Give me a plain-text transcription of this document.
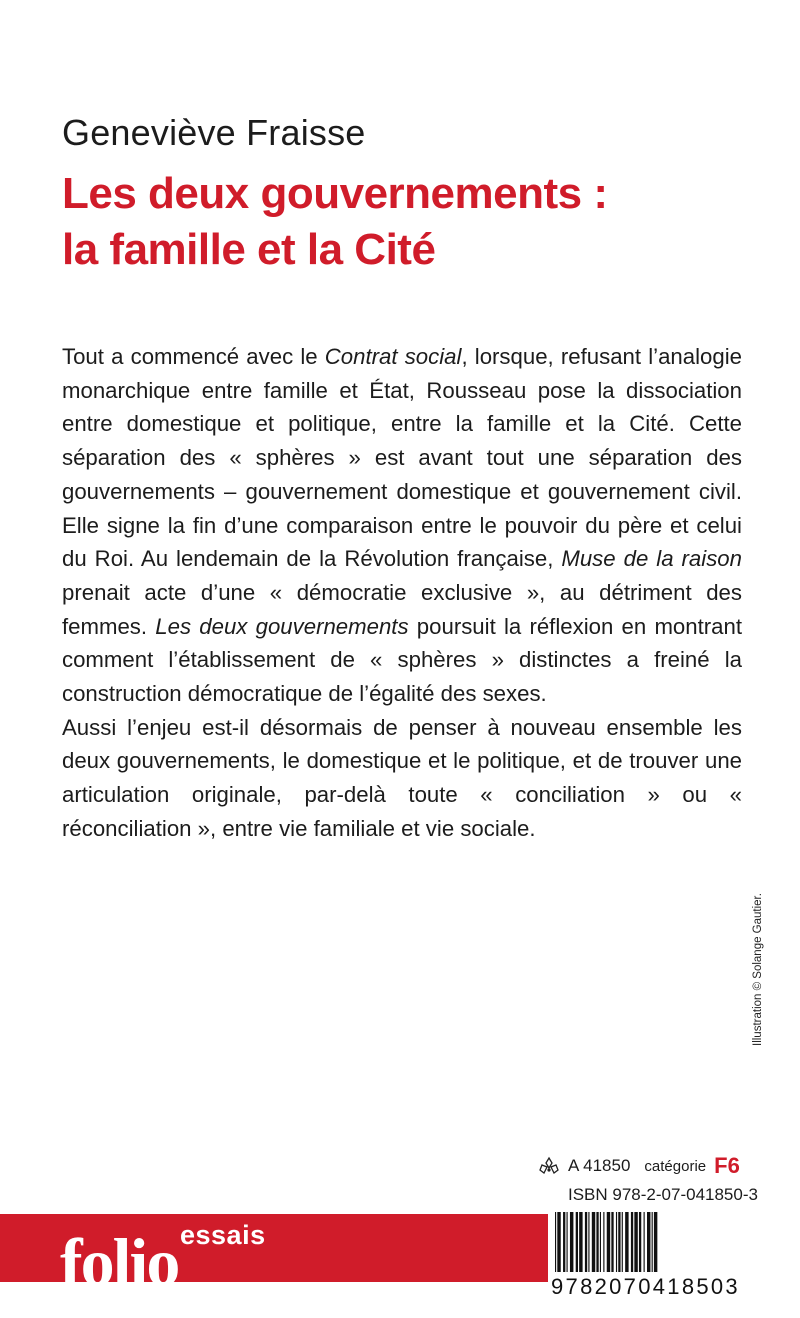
Geneviève Fraisse
Les deux gouvernements :
la famille et la Cité

Tout a commencé avec le Contrat social, lorsque, refusant l’analogie monarchique entre famille et État, Rousseau pose la dissociation entre domestique et politique, entre la famille et la Cité. Cette séparation des « sphères » est avant tout une séparation des gouvernements – gouvernement domestique et gouvernement civil. Elle signe la fin d’une comparaison entre le pouvoir du père et celui du Roi. Au lendemain de la Révolution française, Muse de la raison prenait acte d’une « démocratie exclusive », au détriment des femmes. Les deux gouvernements poursuit la réflexion en montrant comment l’établissement de « sphères » distinctes a freiné la construction démocratique de l’égalité des sexes.

Aussi l’enjeu est-il désormais de penser à nouveau ensemble les deux gouvernements, le domestique et le politique, et de trouver une articulation originale, par-delà toute « conciliation » ou « réconciliation », entre vie familiale et vie sociale.

Illustration © Solange Gautier.
A 41850 catégorie F6
ISBN 978-2-07-041850-3
folio essais
9782070418503
